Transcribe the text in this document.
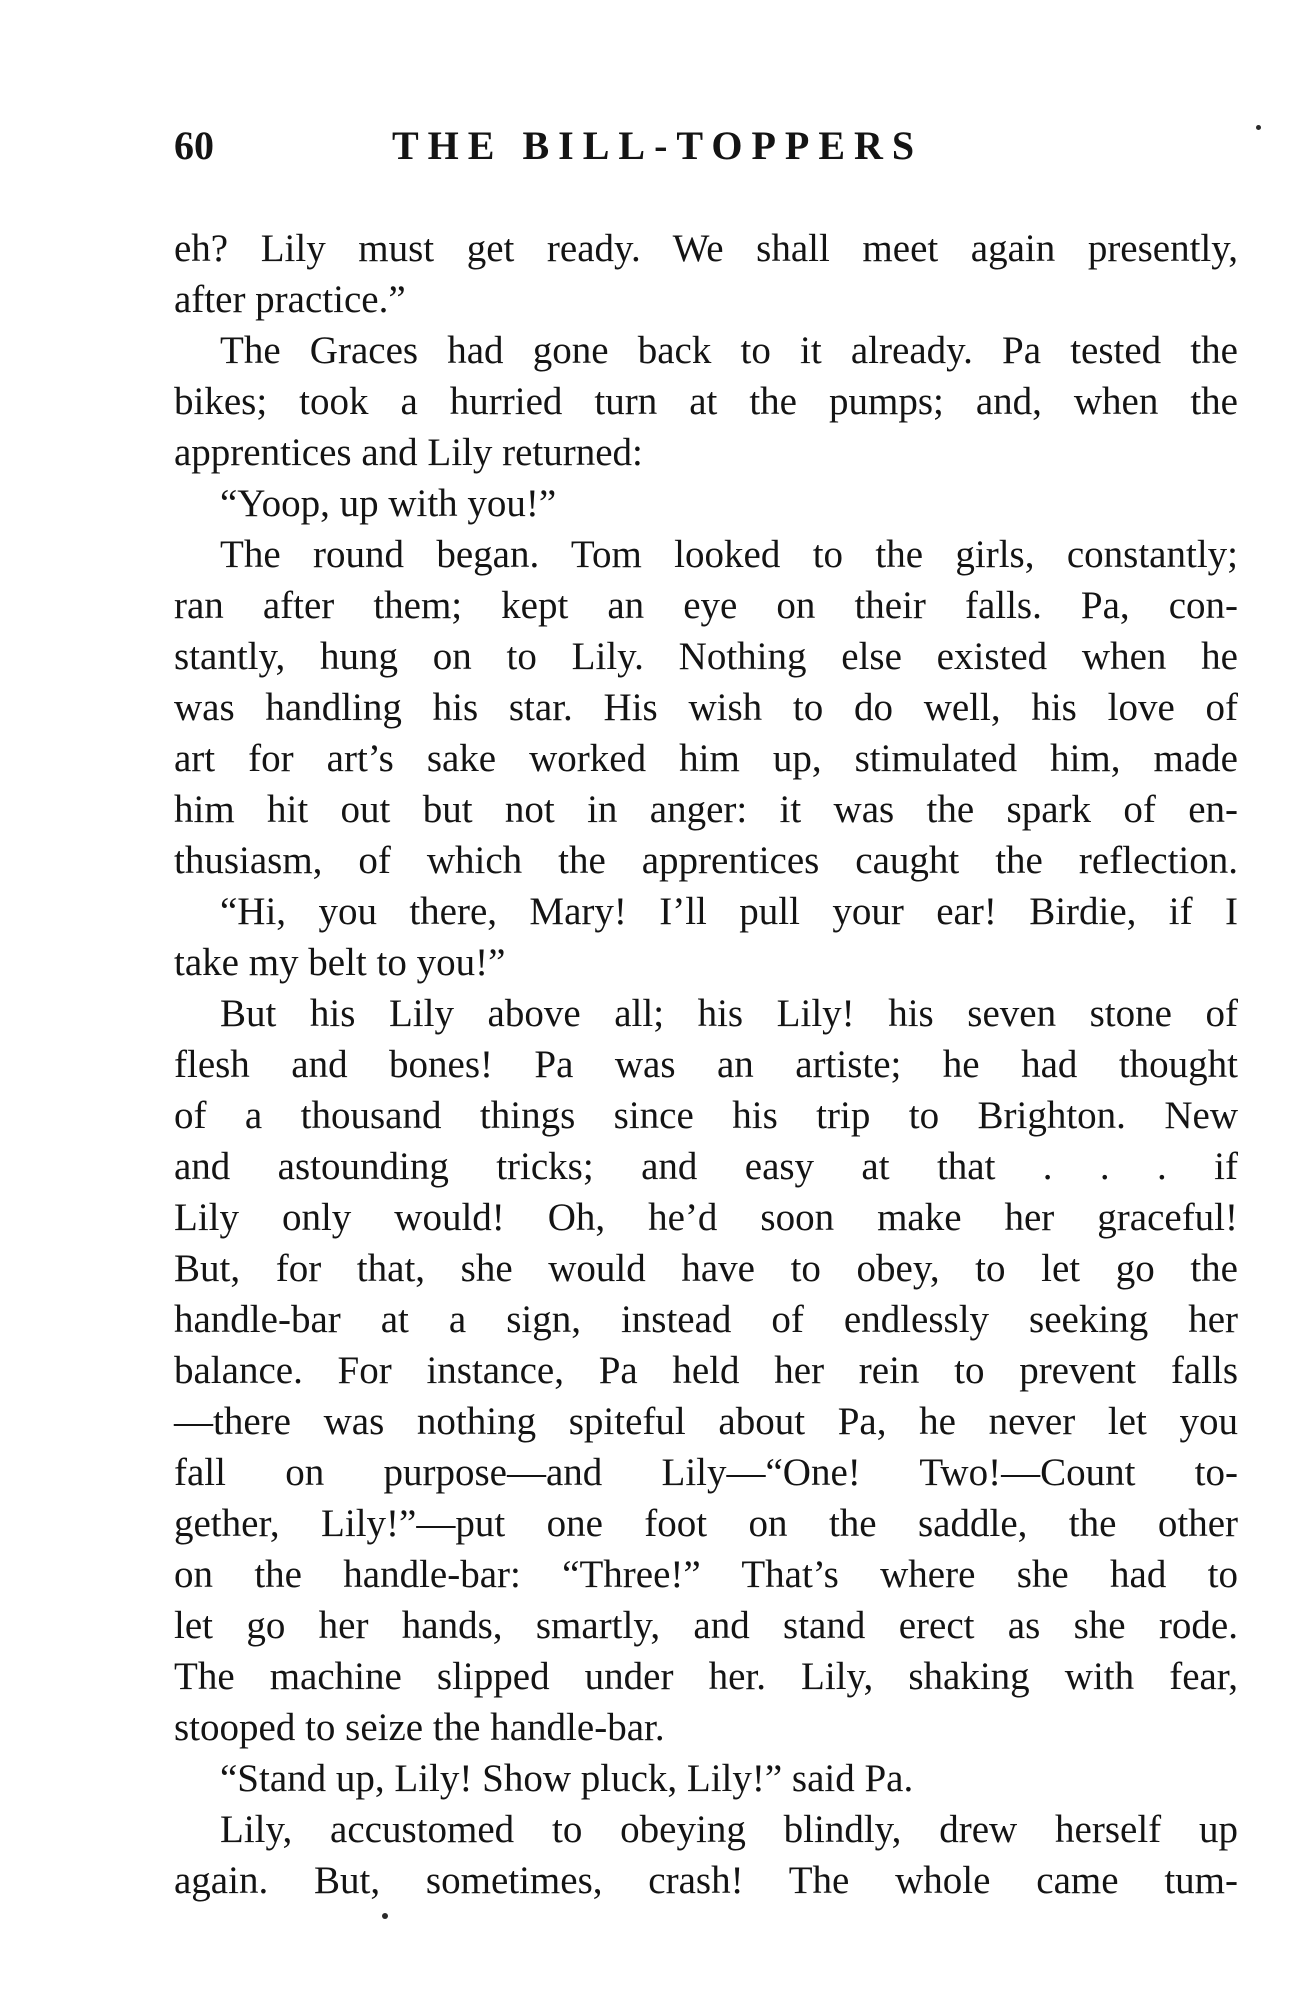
60	THE BILL-TOPPERS
eh? Lily must get ready. We shall meet again presently,
after practice.”
The Graces had gone back to it already. Pa tested the
bikes; took a hurried turn at the pumps; and, when the
apprentices and Lily returned:
“Yoop, up with you!”
The round began. Tom looked to the girls, constantly;
ran after them; kept an eye on their falls. Pa, con-
stantly, hung on to Lily. Nothing else existed when he
was handling his star. His wish to do well, his love of
art for art’s sake worked him up, stimulated him, made
him hit out but not in anger: it was the spark of en-
thusiasm, of which the apprentices caught the reflection.
“Hi, you there, Mary! I’ll pull your ear! Birdie, if I
take my belt to you!”
But his Lily above all; his Lily! his seven stone of
flesh and bones! Pa was an artiste; he had thought
of a thousand things since his trip to Brighton. New
and astounding tricks; and easy at that . . . if
Lily only would! Oh, he’d soon make her graceful!
But, for that, she would have to obey, to let go the
handle-bar at a sign, instead of endlessly seeking her
balance. For instance, Pa held her rein to prevent falls
—there was nothing spiteful about Pa, he never let you
fall on purpose—and Lily—“One! Two!—Count to-
gether, Lily!”—put one foot on the saddle, the other
on the handle-bar: “Three!” That’s where she had to
let go her hands, smartly, and stand erect as she rode.
The machine slipped under her. Lily, shaking with fear,
stooped to seize the handle-bar.
“Stand up, Lily! Show pluck, Lily!” said Pa.
Lily, accustomed to obeying blindly, drew herself up
again. But, sometimes, crash! The whole came tum-
